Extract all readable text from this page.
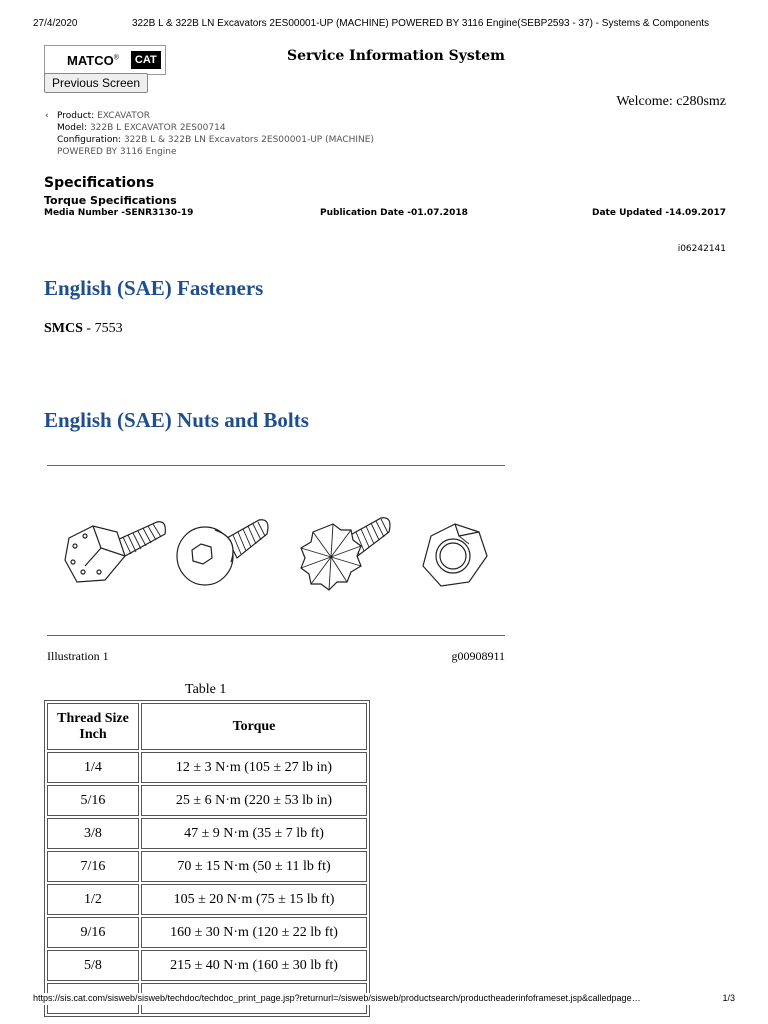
27/4/2020	322B L & 322B LN Excavators 2ES00001-UP (MACHINE) POWERED BY 3116 Engine(SEBP2593 - 37) - Systems & Components
MATCO®	CAT
Previous Screen
Service Information System
Welcome: c280smz
‹ Product: EXCAVATOR
Model: 322B L EXCAVATOR 2ES00714
Configuration: 322B L & 322B LN Excavators 2ES00001-UP (MACHINE)
POWERED BY 3116 Engine
Specifications
Torque Specifications
Media Number -SENR3130-19	Publication Date -01.07.2018	Date Updated -14.09.2017
i06242141
English (SAE) Fasteners
SMCS - 7553
English (SAE) Nuts and Bolts
Illustration 1	g00908911
Table 1
Thread Size Inch	Torque
1/4	12 ± 3 N·m (105 ± 27 lb in)
5/16	25 ± 6 N·m (220 ± 53 lb in)
3/8	47 ± 9 N·m (35 ± 7 lb ft)
7/16	70 ± 15 N·m (50 ± 11 lb ft)
1/2	105 ± 20 N·m (75 ± 15 lb ft)
9/16	160 ± 30 N·m (120 ± 22 lb ft)
5/8	215 ± 40 N·m (160 ± 30 lb ft)

https://sis.cat.com/sisweb/sisweb/techdoc/techdoc_print_page.jsp?returnurl=/sisweb/sisweb/productsearch/productheaderinfoframeset.jsp&calledpage…	1/3
